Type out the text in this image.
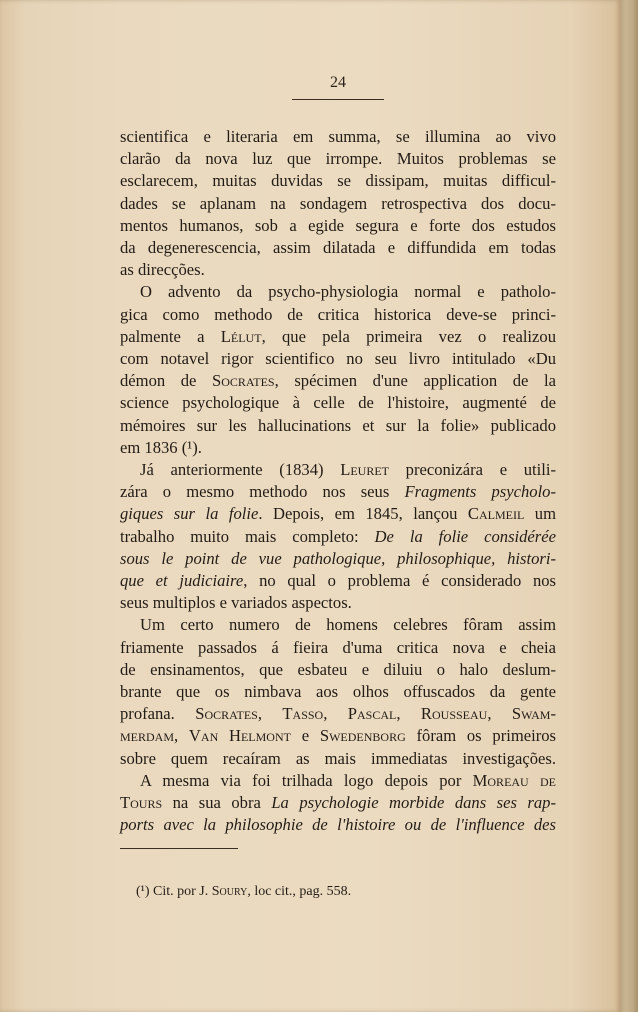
24

scientifica e literaria em summa, se illumina ao vivo
clarão da nova luz que irrompe. Muitos problemas se
esclarecem, muitas duvidas se dissipam, muitas difficul-
dades se aplanam na sondagem retrospectiva dos docu-
mentos humanos, sob a egide segura e forte dos estudos
da degenerescencia, assim dilatada e diffundida em todas
as direcções.

O advento da psycho-physiologia normal e patholo-
gica como methodo de critica historica deve-se princi-
palmente a Lélut, que pela primeira vez o realizou
com notavel rigor scientifico no seu livro intitulado «Du
démon de Socrates, spécimen d'une application de la
science psychologique à celle de l'histoire, augmenté de
mémoires sur les hallucinations et sur la folie» publicado
em 1836 (¹).

Já anteriormente (1834) Leuret preconizára e utili-
zára o mesmo methodo nos seus Fragments psycholo-
giques sur la folie. Depois, em 1845, lançou Calmeil um
trabalho muito mais completo: De la folie considérée
sous le point de vue pathologique, philosophique, histori-
que et judiciaire, no qual o problema é considerado nos
seus multiplos e variados aspectos.

Um certo numero de homens celebres fôram assim
friamente passados á fieira d'uma critica nova e cheia
de ensinamentos, que esbateu e diluiu o halo deslum-
brante que os nimbava aos olhos offuscados da gente
profana. Socrates, Tasso, Pascal, Rousseau, Swam-
merdam, Van Helmont e Swedenborg fôram os primeiros
sobre quem recaíram as mais immediatas investigações.

A mesma via foi trilhada logo depois por Moreau de
Tours na sua obra La psychologie morbide dans ses rap-
ports avec la philosophie de l'histoire ou de l'influence des

(¹) Cit. por J. Soury, loc cit., pag. 558.
